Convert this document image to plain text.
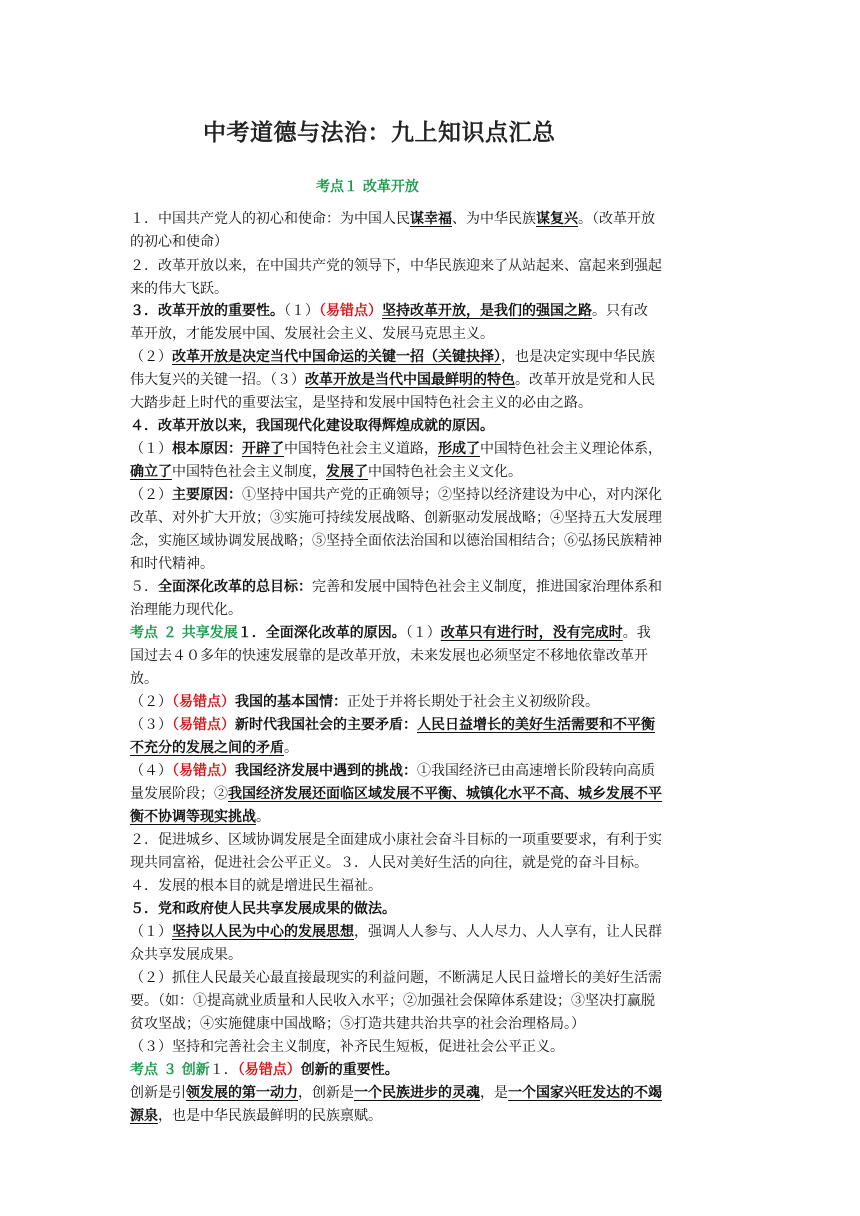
中考道德与法治：九上知识点汇总
考点１ 改革开放
１．中国共产党人的初心和使命：为中国人民谋幸福、为中华民族谋复兴。（改革开放
的初心和使命）
２．改革开放以来，在中国共产党的领导下，中华民族迎来了从站起来、富起来到强起
来的伟大飞跃。
３．改革开放的重要性。（１）（易错点）坚持改革开放，是我们的强国之路。只有改
革开放，才能发展中国、发展社会主义、发展马克思主义。
（２）改革开放是决定当代中国命运的关键一招（关键抉择），也是决定实现中华民族
伟大复兴的关键一招。（３）改革开放是当代中国最鲜明的特色。改革开放是党和人民
大踏步赶上时代的重要法宝，是坚持和发展中国特色社会主义的必由之路。
４．改革开放以来，我国现代化建设取得辉煌成就的原因。
（１）根本原因：开辟了中国特色社会主义道路，形成了中国特色社会主义理论体系，
确立了中国特色社会主义制度，发展了中国特色社会主义文化。
（２）主要原因：①坚持中国共产党的正确领导；②坚持以经济建设为中心，对内深化
改革、对外扩大开放；③实施可持续发展战略、创新驱动发展战略；④坚持五大发展理
念，实施区域协调发展战略；⑤坚持全面依法治国和以德治国相结合；⑥弘扬民族精神
和时代精神。
５．全面深化改革的总目标：完善和发展中国特色社会主义制度，推进国家治理体系和
治理能力现代化。
考点 ２ 共享发展１．全面深化改革的原因。（１）改革只有进行时，没有完成时。我
国过去４０多年的快速发展靠的是改革开放，未来发展也必须坚定不移地依靠改革开
放。
（２）（易错点）我国的基本国情：正处于并将长期处于社会主义初级阶段。
（３）（易错点）新时代我国社会的主要矛盾：人民日益增长的美好生活需要和不平衡
不充分的发展之间的矛盾。
（４）（易错点）我国经济发展中遇到的挑战：①我国经济已由高速增长阶段转向高质
量发展阶段；②我国经济发展还面临区域发展不平衡、城镇化水平不高、城乡发展不平
衡不协调等现实挑战。
２．促进城乡、区域协调发展是全面建成小康社会奋斗目标的一项重要要求，有利于实
现共同富裕，促进社会公平正义。３．人民对美好生活的向往，就是党的奋斗目标。
４．发展的根本目的就是增进民生福祉。
５．党和政府使人民共享发展成果的做法。
（１）坚持以人民为中心的发展思想，强调人人参与、人人尽力、人人享有，让人民群
众共享发展成果。
（２）抓住人民最关心最直接最现实的利益问题，不断满足人民日益增长的美好生活需
要。（如：①提高就业质量和人民收入水平；②加强社会保障体系建设；③坚决打赢脱
贫攻坚战；④实施健康中国战略；⑤打造共建共治共享的社会治理格局。）
（３）坚持和完善社会主义制度，补齐民生短板，促进社会公平正义。
考点 ３ 创新１．（易错点）创新的重要性。
创新是引领发展的第一动力，创新是一个民族进步的灵魂，是一个国家兴旺发达的不竭
源泉，也是中华民族最鲜明的民族禀赋。
